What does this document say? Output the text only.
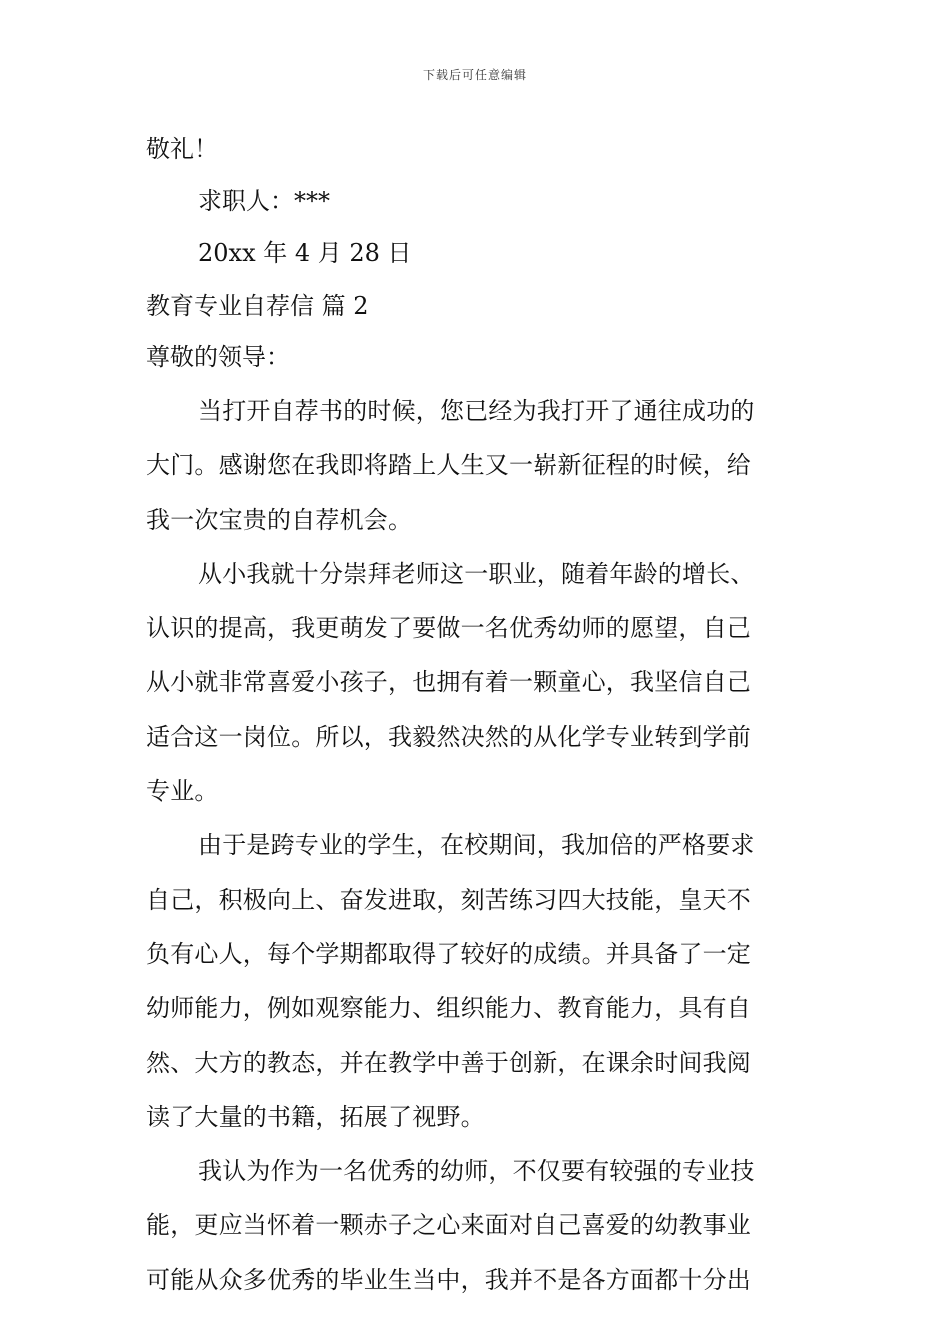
下载后可任意编辑
敬礼！
求职人：***
20xx 年 4 月 28 日
教育专业自荐信 篇 2
尊敬的领导：
当打开自荐书的时候，您已经为我打开了通往成功的
大门。感谢您在我即将踏上人生又一崭新征程的时候，给
我一次宝贵的自荐机会。
从小我就十分崇拜老师这一职业，随着年龄的增长、
认识的提高，我更萌发了要做一名优秀幼师的愿望，自己
从小就非常喜爱小孩子，也拥有着一颗童心，我坚信自己
适合这一岗位。所以，我毅然决然的从化学专业转到学前
专业。
由于是跨专业的学生，在校期间，我加倍的严格要求
自己，积极向上、奋发进取，刻苦练习四大技能，皇天不
负有心人，每个学期都取得了较好的成绩。并具备了一定
幼师能力，例如观察能力、组织能力、教育能力，具有自
然、大方的教态，并在教学中善于创新，在课余时间我阅
读了大量的书籍，拓展了视野。
我认为作为一名优秀的幼师，不仅要有较强的专业技
能，更应当怀着一颗赤子之心来面对自己喜爱的幼教事业
可能从众多优秀的毕业生当中，我并不是各方面都十分出
